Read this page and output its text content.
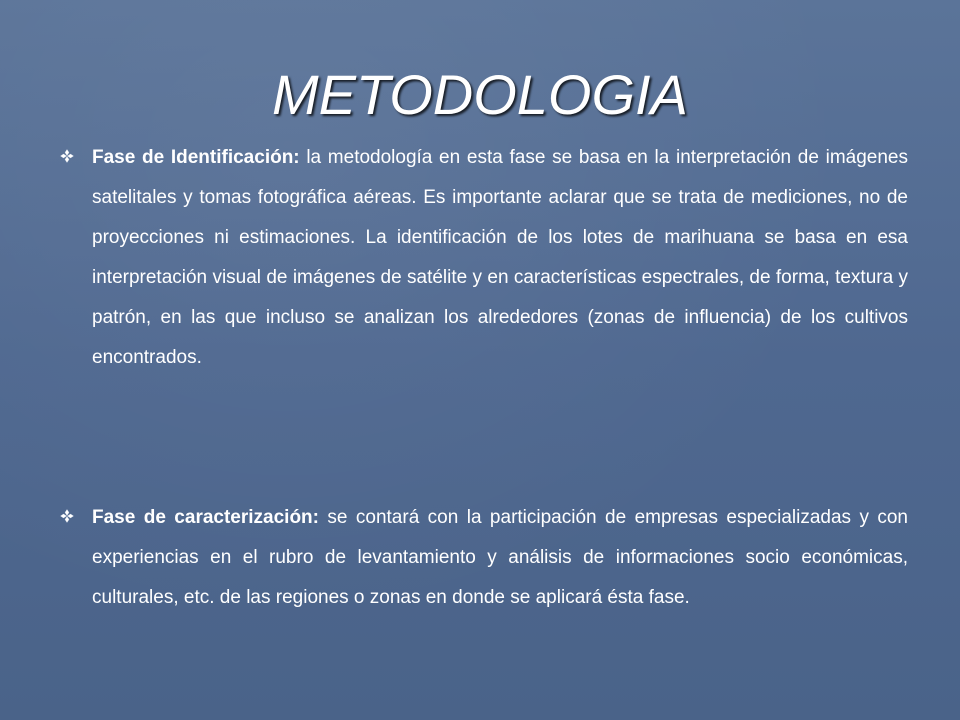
METODOLOGIA
Fase de Identificación: la metodología en esta fase se basa en la interpretación de imágenes satelitales y tomas fotográfica aéreas. Es importante aclarar que se trata de mediciones, no de proyecciones ni estimaciones. La identificación de los lotes de marihuana se basa en esa interpretación visual de imágenes de satélite y en características espectrales, de forma, textura y patrón, en las que incluso se analizan los alrededores (zonas de influencia) de los cultivos encontrados.
Fase de caracterización: se contará con la participación de empresas especializadas y con experiencias en el rubro de levantamiento y análisis de informaciones socio económicas, culturales, etc. de las regiones o zonas en donde se aplicará ésta fase.
